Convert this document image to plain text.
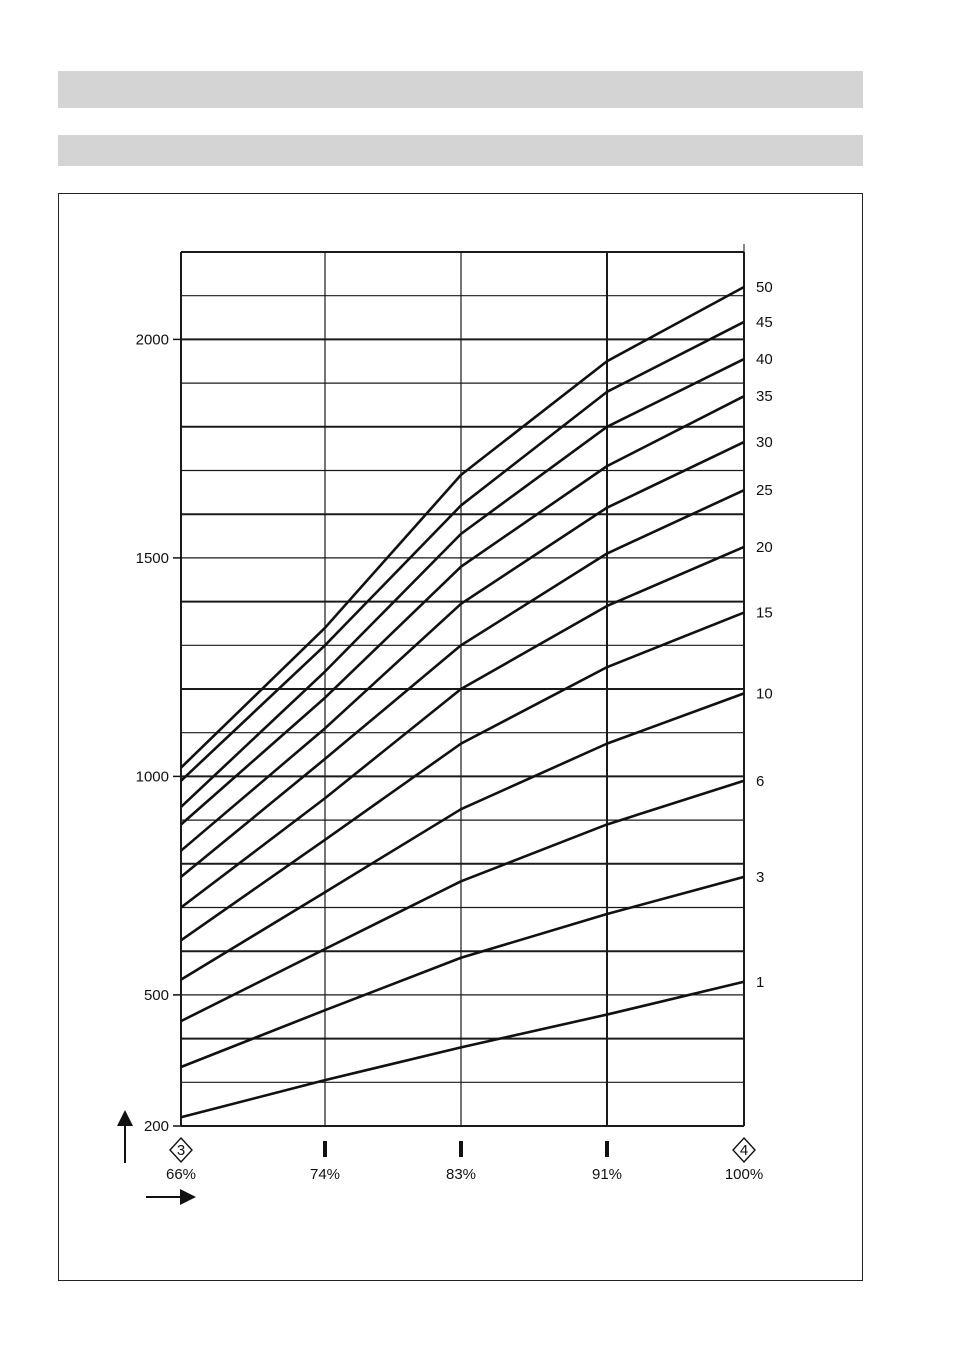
50
45
40
35
30
25
20
15
10
6
3
1
200
500
1000
1500
2000
3
66%	74%	83%	91%
4
100%
